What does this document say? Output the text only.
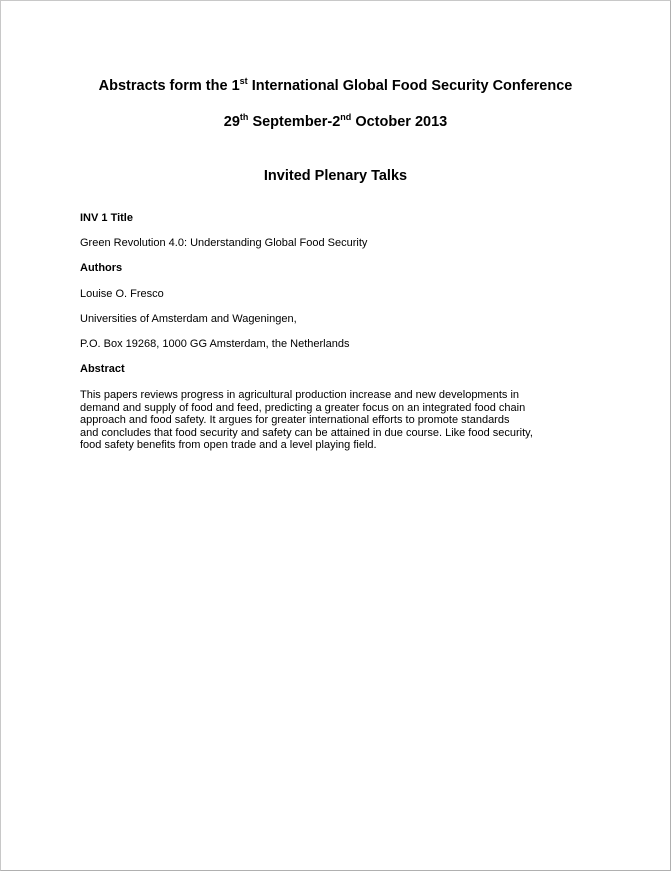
Abstracts form the 1st International Global Food Security Conference
29th September-2nd October 2013
Invited Plenary Talks
INV 1 Title
Green Revolution 4.0: Understanding Global Food Security
Authors
Louise O. Fresco
Universities of Amsterdam and Wageningen,
P.O. Box 19268, 1000 GG Amsterdam, the Netherlands
Abstract
This papers reviews progress in agricultural production increase and new developments in
demand and supply of food and feed, predicting a greater focus on an integrated food chain
approach and food safety. It argues for greater international efforts to promote standards
and concludes that food security and safety can be attained in due course. Like food security,
food safety benefits from open trade and a level playing field.
